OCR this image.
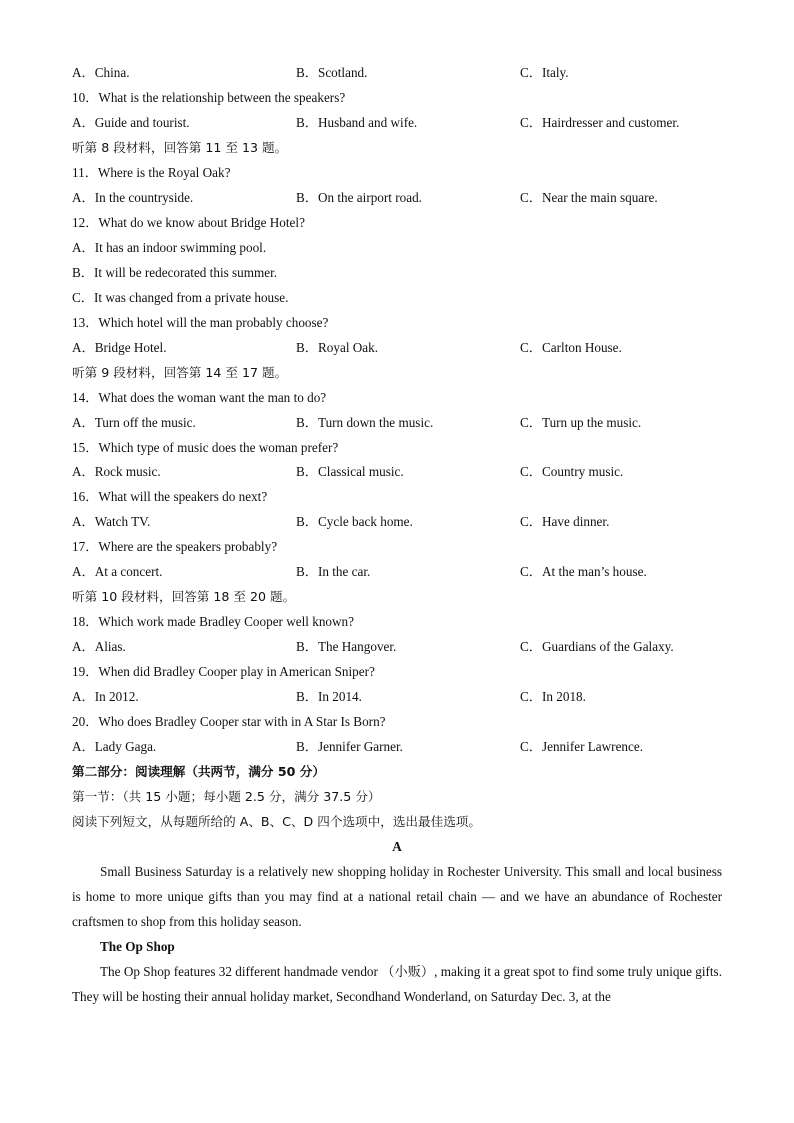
A．China.	B．Scotland.	C．Italy.
10．What is the relationship between the speakers?
A．Guide and tourist.	B．Husband and wife.	C．Hairdresser and customer.
听第 8 段材料，回答第 11 至 13 题。
11．Where is the Royal Oak?
A．In the countryside.	B．On the airport road.	C．Near the main square.
12．What do we know about Bridge Hotel?
A．It has an indoor swimming pool.
B．It will be redecorated this summer.
C．It was changed from a private house.
13．Which hotel will the man probably choose?
A．Bridge Hotel.	B．Royal Oak.	C．Carlton House.
听第 9 段材料，回答第 14 至 17 题。
14．What does the woman want the man to do?
A．Turn off the music.	B．Turn down the music.	C．Turn up the music.
15．Which type of music does the woman prefer?
A．Rock music.	B．Classical music.	C．Country music.
16．What will the speakers do next?
A．Watch TV.	B．Cycle back home.	C．Have dinner.
17．Where are the speakers probably?
A．At a concert.	B．In the car.	C．At the man’s house.
听第 10 段材料，回答第 18 至 20 题。
18．Which work made Bradley Cooper well known?
A．Alias.	B．The Hangover.	C．Guardians of the Galaxy.
19．When did Bradley Cooper play in American Sniper?
A．In 2012.	B．In 2014.	C．In 2018.
20．Who does Bradley Cooper star with in A Star Is Born?
A．Lady Gaga.	B．Jennifer Garner.	C．Jennifer Lawrence.
第二部分：阅读理解（共两节，满分 50 分）
第一节：（共 15 小题；每小题 2.5 分，满分 37.5 分）
阅读下列短文，从每题所给的 A、B、C、D 四个选项中，选出最佳选项。
A
Small Business Saturday is a relatively new shopping holiday in Rochester University. This small and local business is home to more unique gifts than you may find at a national retail chain — and we have an abundance of Rochester craftsmen to shop from this holiday season.
The Op Shop
The Op Shop features 32 different handmade vendor （小贩）, making it a great spot to find some truly unique gifts. They will be hosting their annual holiday market, Secondhand Wonderland, on Saturday Dec. 3, at the
